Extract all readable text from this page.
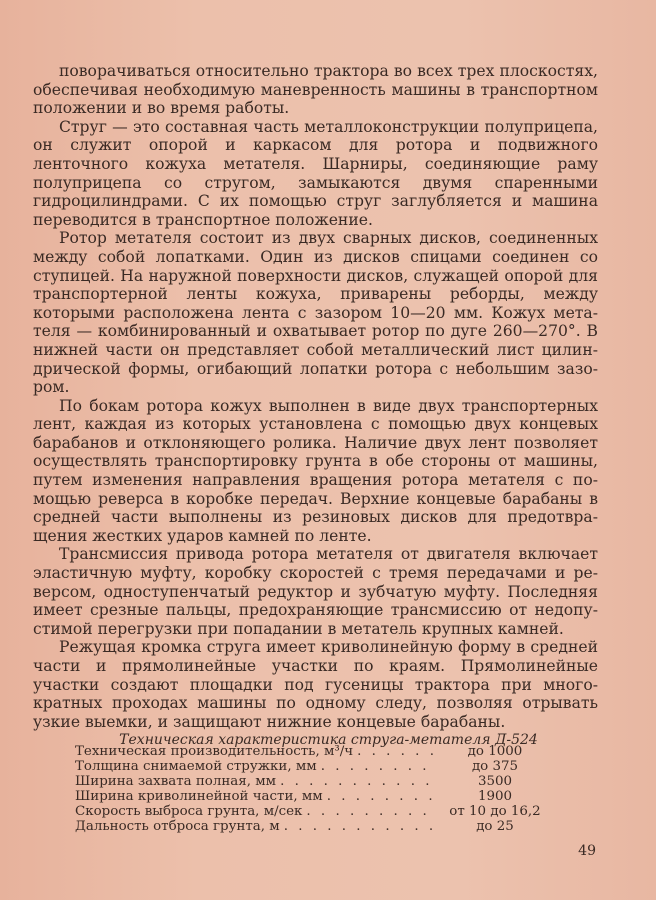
поворачиваться относительно трактора во всех трех плоскостях, обеспечивая необходимую маневренность машины в транспортном положении и во время работы.

Струг — это составная часть металлоконструкции полуприцепа, он служит опорой и каркасом для ротора и подвижного ленточного кожуха метателя. Шарниры, соединяющие раму полуприцепа со стругом, замыкаются двумя спаренными гидроцилиндрами. С их помощью струг заглубляется и машина переводится в транспортное положение.

Ротор метателя состоит из двух сварных дисков, соединенных между собой лопатками. Один из дисков спицами соединен со ступицей. На наружной поверхности дисков, служащей опорой для транспортерной ленты кожуха, приварены реборды, между которыми расположена лента с зазором 10—20 мм. Кожух метателя — комбинированный и охватывает ротор по дуге 260—270°. В нижней части он представляет собой металлический лист цилиндрической формы, огибающий лопатки ротора с небольшим зазором.

По бокам ротора кожух выполнен в виде двух транспортерных лент, каждая из которых установлена с помощью двух концевых барабанов и отклоняющего ролика. Наличие двух лент позволяет осуществлять транспортировку грунта в обе стороны от машины, путем изменения направления вращения ротора метателя с помощью реверса в коробке передач. Верхние концевые барабаны в средней части выполнены из резиновых дисков для предотвращения жестких ударов камней по ленте.

Трансмиссия привода ротора метателя от двигателя включает эластичную муфту, коробку скоростей с тремя передачами и реверсом, одноступенчатый редуктор и зубчатую муфту. Последняя имеет срезные пальцы, предохраняющие трансмиссию от недопустимой перегрузки при попадании в метатель крупных камней.

Режущая кромка струга имеет криволинейную форму в средней части и прямолинейные участки по краям. Прямолинейные участки создают площадки под гусеницы трактора при многократных проходах машины по одному следу, позволяя отрывать узкие выемки, и защищают нижние концевые барабаны.

Техническая характеристика струга-метателя Д-524

Техническая производительность, м³/ч . . .	до 1000
Толщина снимаемой стружки, мм . . .	до 375
Ширина захвата полная, мм . . .	3500
Ширина криволинейной части, мм . . .	1900
Скорость выброса грунта, м/сек . . .	от 10 до 16,2
Дальность отброса грунта, м . . .	до 25
49
